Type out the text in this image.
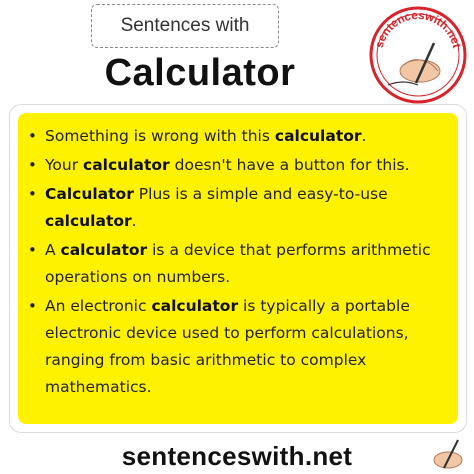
Sentences with
Calculator
sentenceswith.net
• Something is wrong with this calculator.
• Your calculator doesn't have a button for this.
• Calculator Plus is a simple and easy-to-use calculator.
• A calculator is a device that performs arithmetic operations on numbers.
• An electronic calculator is typically a portable electronic device used to perform calculations, ranging from basic arithmetic to complex mathematics.
sentenceswith.net
